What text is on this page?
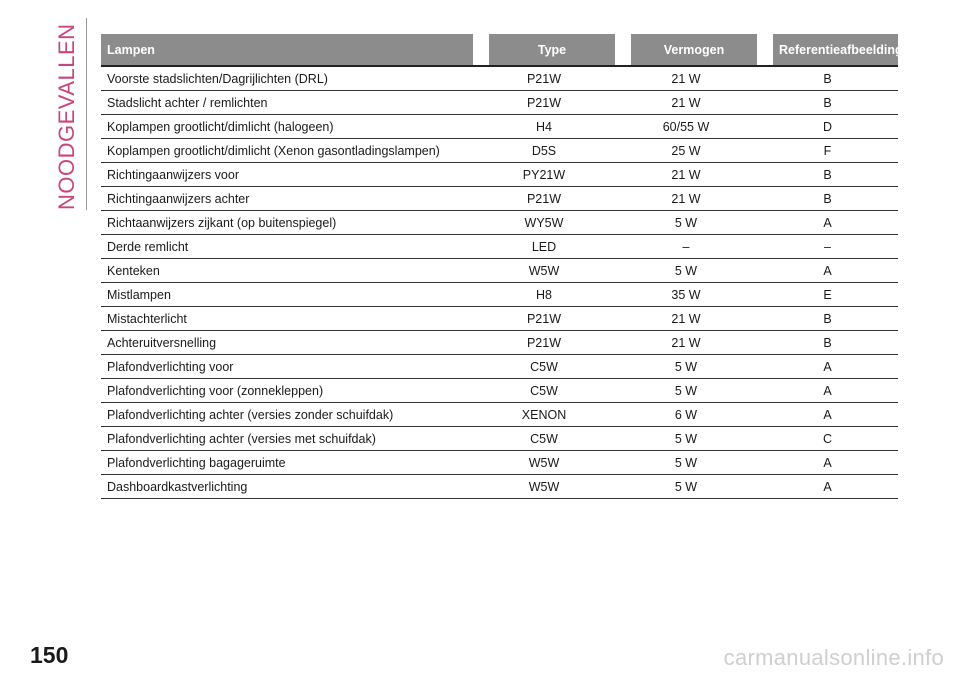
NOODGEVALLEN	Lampen		Type		Vermogen		Referentieafbeelding
Voorste stadslichten/Dagrijlichten (DRL)	P21W		21 W		B	
Stadslicht achter / remlichten	P21W		21 W		B	
Koplampen grootlicht/dimlicht (halogeen)	H4		60/55 W		D	
Koplampen grootlicht/dimlicht (Xenon gasontladingslampen)	D5S		25 W		F	
Richtingaanwijzers voor	PY21W		21 W		B	
Richtingaanwijzers achter	P21W		21 W		B	
Richtaanwijzers zijkant (op buitenspiegel)	WY5W		5 W		A	
Derde remlicht	LED		–		–	
Kenteken	W5W		5 W		A	
Mistlampen	H8		35 W		E	
Mistachterlicht	P21W		21 W		B	
Achteruitversnelling	P21W		21 W		B	
Plafondverlichting voor	C5W		5 W		A	
Plafondverlichting voor (zonnekleppen)	C5W		5 W		A	
Plafondverlichting achter (versies zonder schuifdak)	XENON		6 W		A	
Plafondverlichting achter (versies met schuifdak)	C5W		5 W		C	
Plafondverlichting bagageruimte	W5W		5 W		A	
Dashboardkastverlichting	W5W		5 W		A	
150	carmanualsonline.info
